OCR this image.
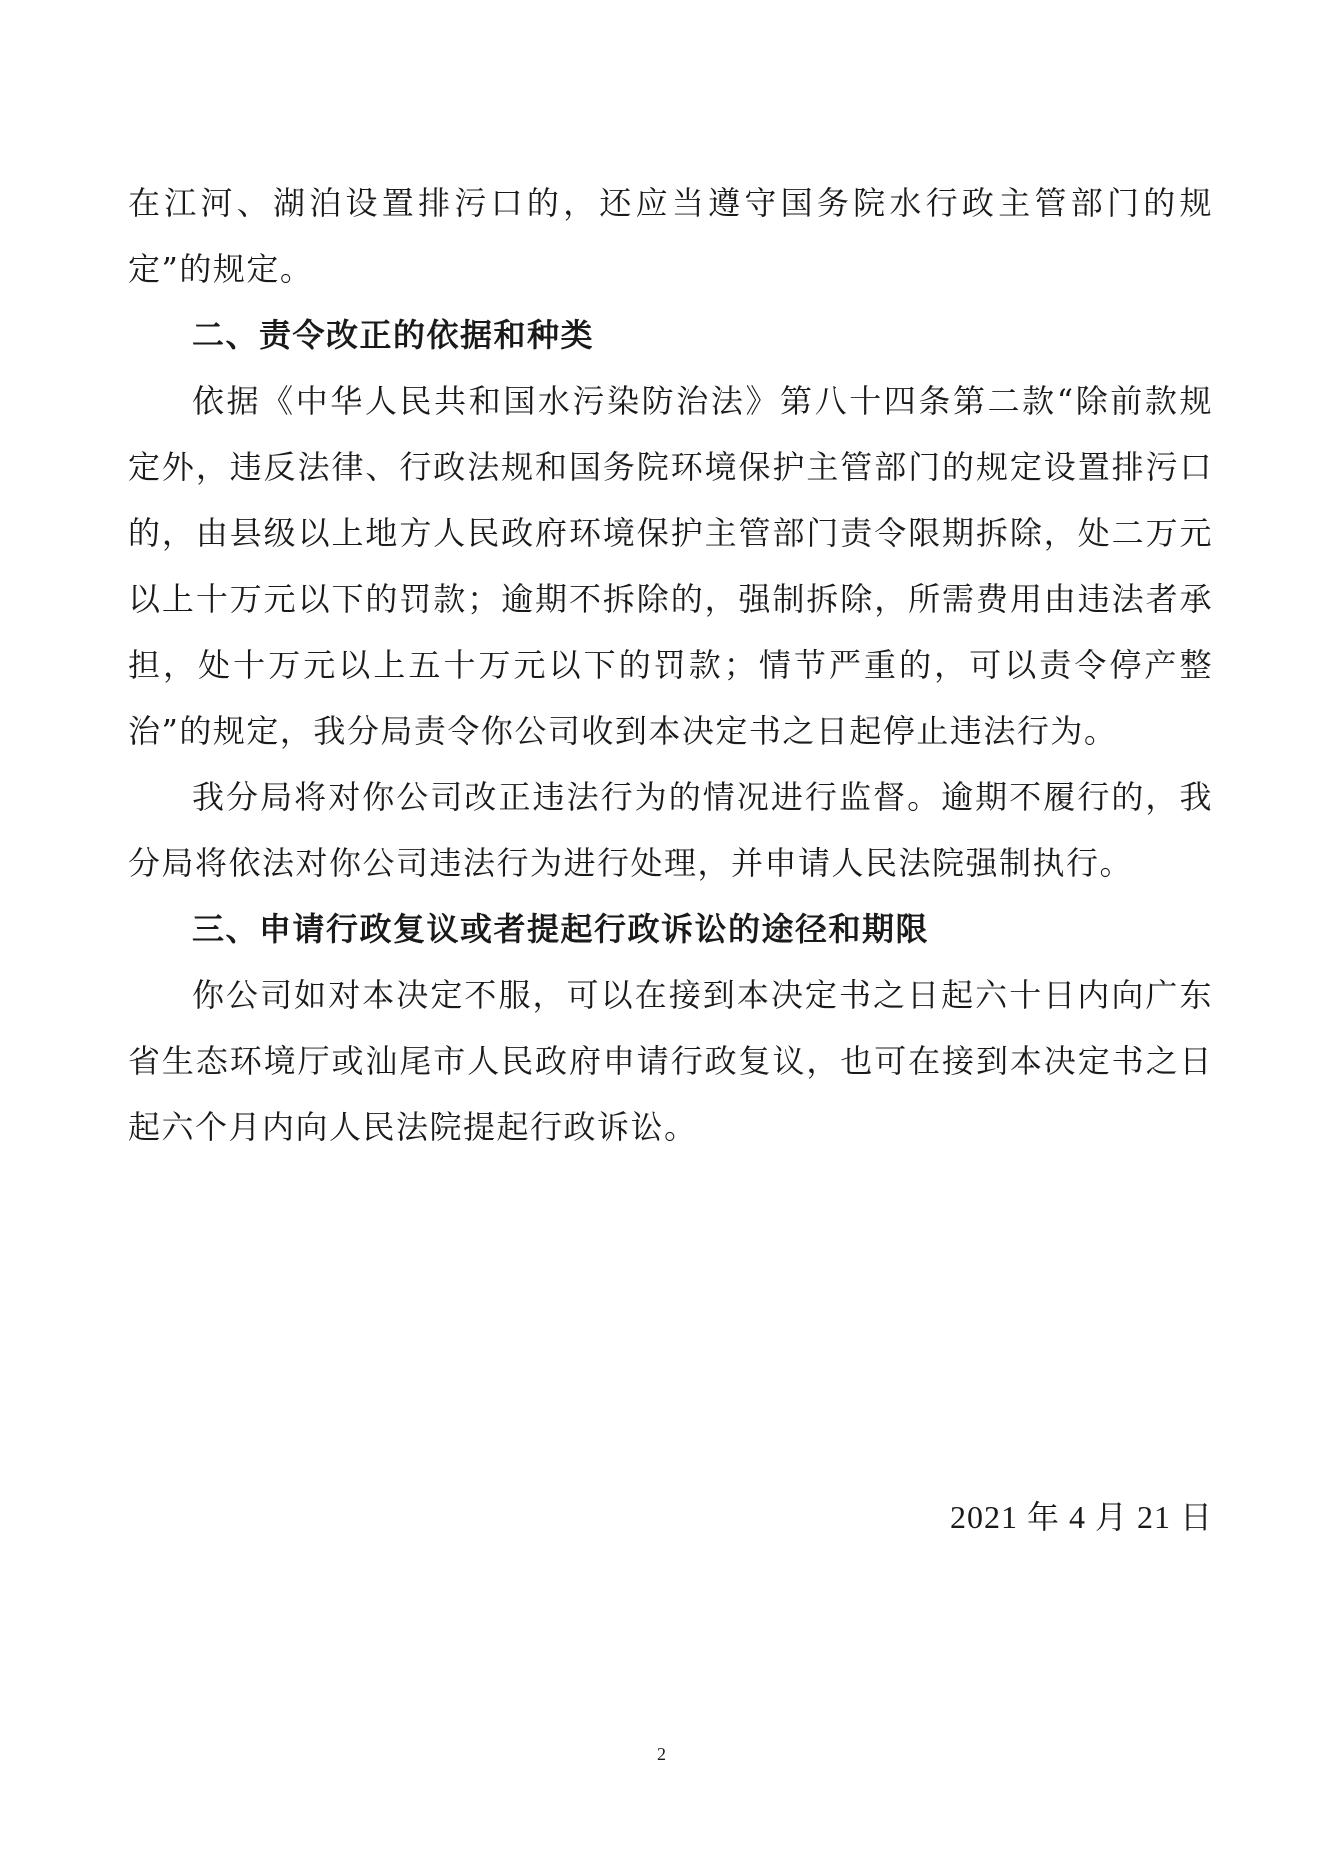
在江河、湖泊设置排污口的，还应当遵守国务院水行政主管部门的规定”的规定。

二、责令改正的依据和种类

依据《中华人民共和国水污染防治法》第八十四条第二款“除前款规定外，违反法律、行政法规和国务院环境保护主管部门的规定设置排污口的，由县级以上地方人民政府环境保护主管部门责令限期拆除，处二万元以上十万元以下的罚款；逾期不拆除的，强制拆除，所需费用由违法者承担，处十万元以上五十万元以下的罚款；情节严重的，可以责令停产整治”的规定，我分局责令你公司收到本决定书之日起停止违法行为。

我分局将对你公司改正违法行为的情况进行监督。逾期不履行的，我分局将依法对你公司违法行为进行处理，并申请人民法院强制执行。

三、申请行政复议或者提起行政诉讼的途径和期限

你公司如对本决定不服，可以在接到本决定书之日起六十日内向广东省生态环境厅或汕尾市人民政府申请行政复议，也可在接到本决定书之日起六个月内向人民法院提起行政诉讼。

2021 年 4 月 21 日
2
